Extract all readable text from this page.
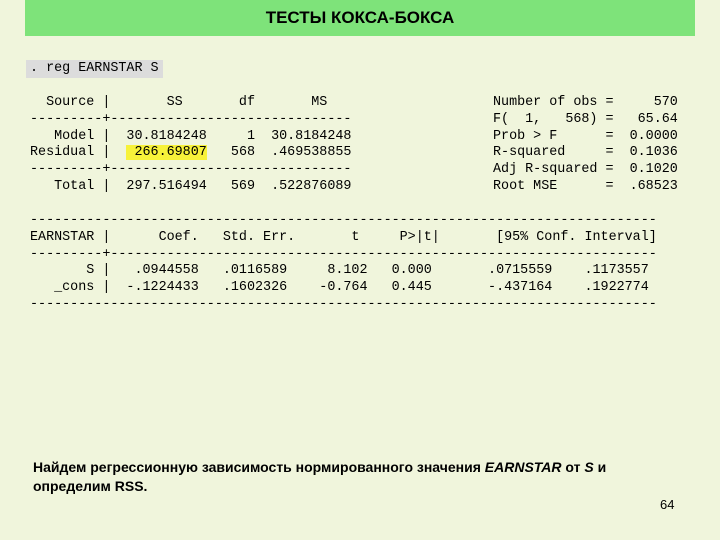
ТЕСТЫ КОКСА-БОКСА
. reg EARNSTAR S
Source |       SS       df       MS
---------+------------------------------
Model |  30.8184248     1  30.8184248
Residual |   266.69807   568  .469538855
---------+------------------------------
Total |  297.516494   569  .522876089
Number of obs =     570
F(  1,   568) =   65.64
Prob > F      =  0.0000
R-squared     =  0.1036
Adj R-squared =  0.1020
Root MSE      =  .68523
------------------------------------------------------------------------------
EARNSTAR |      Coef.   Std. Err.       t     P>|t|       [95% Conf. Interval]
---------+--------------------------------------------------------------------
S |   .0944558   .0116589     8.102   0.000       .0715559    .1173557
_cons |  -.1224433   .1602326    -0.764   0.445       -.437164    .1922774
------------------------------------------------------------------------------
Найдем регрессионную зависимость нормированного значения EARNSTAR от S и определим RSS.
64
